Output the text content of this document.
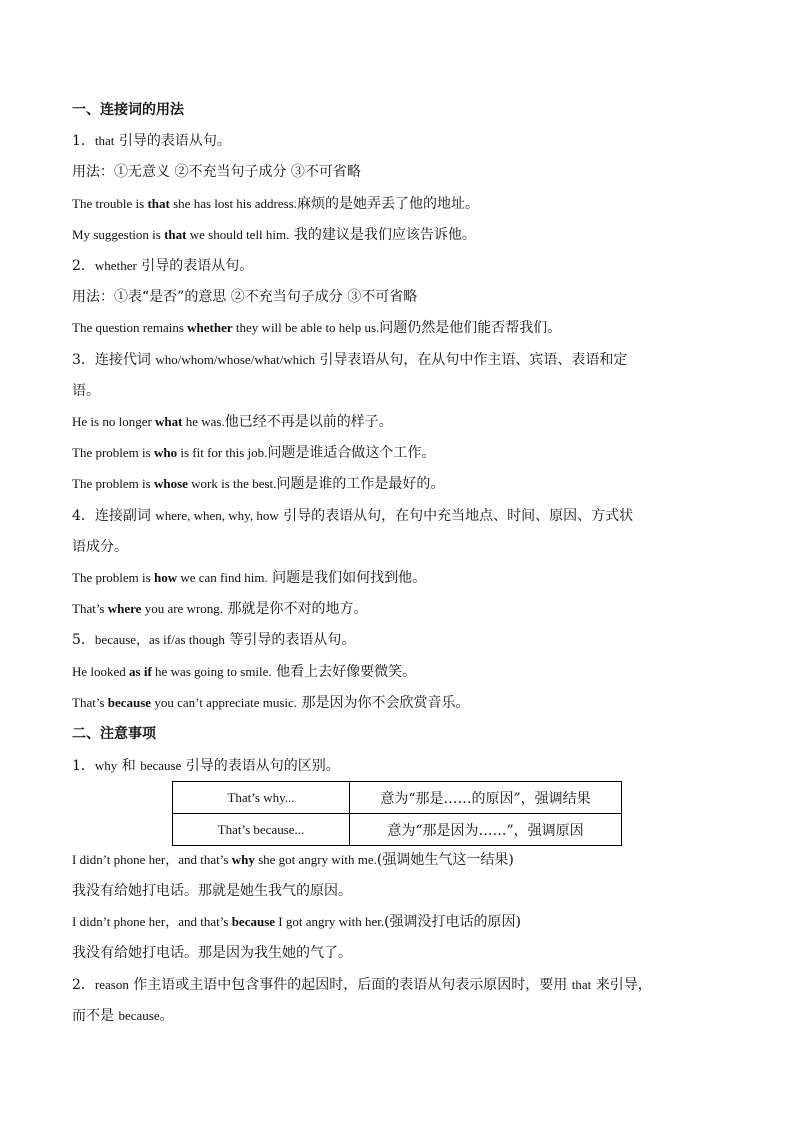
一、连接词的用法
1．that 引导的表语从句。
用法：①无意义 ②不充当句子成分 ③不可省略
The trouble is that she has lost his address.麻烦的是她弄丢了他的地址。
My suggestion is that we should tell him. 我的建议是我们应该告诉他。
2．whether 引导的表语从句。
用法：①表“是否”的意思 ②不充当句子成分 ③不可省略
The question remains whether they will be able to help us.问题仍然是他们能否帮我们。
3．连接代词 who/whom/whose/what/which 引导表语从句，在从句中作主语、宾语、表语和定
语。
He is no longer what he was.他已经不再是以前的样子。
The problem is who is fit for this job.问题是谁适合做这个工作。
The problem is whose work is the best.问题是谁的工作是最好的。
4．连接副词 where, when, why, how 引导的表语从句，在句中充当地点、时间、原因、方式状
语成分。
The problem is how we can find him. 问题是我们如何找到他。
That’s where you are wrong. 那就是你不对的地方。
5．because，as if/as though 等引导的表语从句。
He looked as if he was going to smile. 他看上去好像要微笑。
That’s because you can’t appreciate music. 那是因为你不会欣赏音乐。
二、注意事项
1．why 和 because 引导的表语从句的区别。
That’s why...	意为“那是……的原因”，强调结果
That’s because...	意为“那是因为……”，强调原因
I didn’t phone her，and that’s why she got angry with me.(强调她生气这一结果)
我没有给她打电话。那就是她生我气的原因。
I didn’t phone her，and that’s because I got angry with her.(强调没打电话的原因)
我没有给她打电话。那是因为我生她的气了。
2．reason 作主语或主语中包含事件的起因时，后面的表语从句表示原因时，要用 that 来引导，
而不是 because。
